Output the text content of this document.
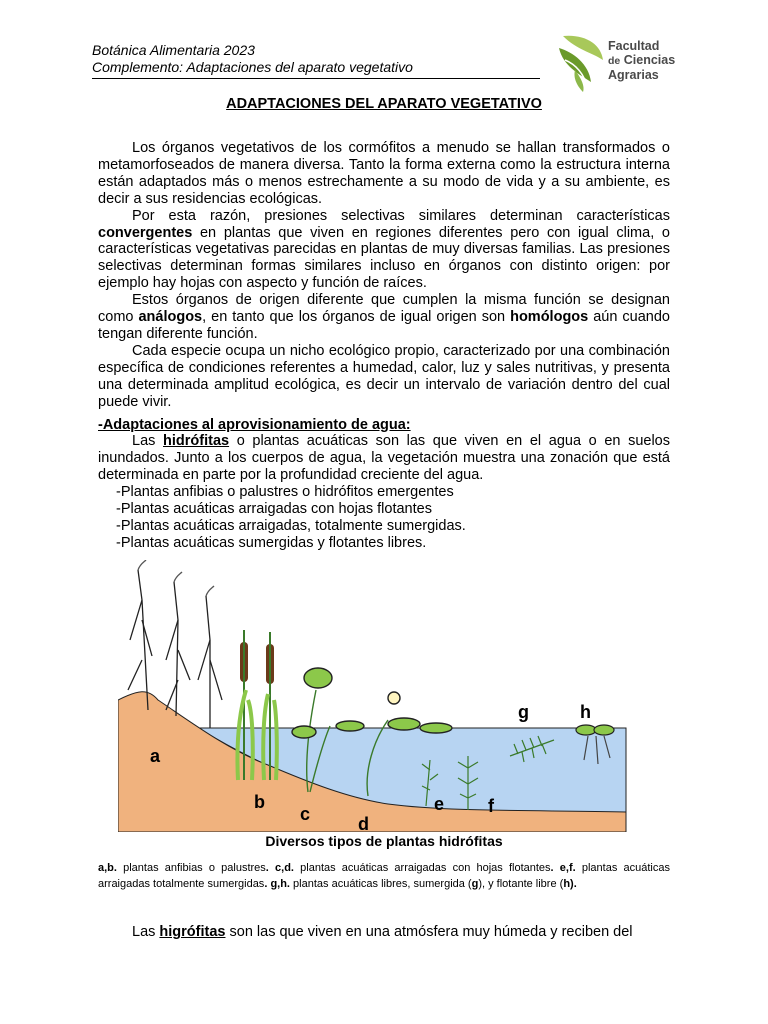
Botánica Alimentaria 2023
Complemento: Adaptaciones del aparato vegetativo
Facultad
de Ciencias
Agrarias
ADAPTACIONES DEL APARATO VEGETATIVO

Los órganos vegetativos de los cormófitos a menudo se hallan transformados o metamorfoseados de manera diversa. Tanto la forma externa como la estructura interna están adaptados más o menos estrechamente a su modo de vida y a su ambiente, es decir a sus residencias ecológicas.

Por esta razón, presiones selectivas similares determinan características convergentes en plantas que viven en regiones diferentes pero con igual clima, o características vegetativas parecidas en plantas de muy diversas familias. Las presiones selectivas determinan formas similares incluso en órganos con distinto origen: por ejemplo hay hojas con aspecto y función de raíces.

Estos órganos de origen diferente que cumplen la misma función se designan como análogos, en tanto que los órganos de igual origen son homólogos aún cuando tengan diferente función.

Cada especie ocupa un nicho ecológico propio, caracterizado por una combinación específica de condiciones referentes a humedad, calor, luz y sales nutritivas, y presenta una determinada amplitud ecológica, es decir un intervalo de variación dentro del cual puede vivir.

-Adaptaciones al aprovisionamiento de agua:

Las hidrófitas o plantas acuáticas son las que viven en el agua o en suelos inundados. Junto a los cuerpos de agua, la vegetación muestra una zonación que está determinada en parte por la profundidad creciente del agua.

-Plantas anfibias o palustres o hidrófitos emergentes
-Plantas acuáticas arraigadas con hojas flotantes
-Plantas acuáticas arraigadas, totalmente sumergidas.
-Plantas acuáticas sumergidas y flotantes libres.
a
b
c	d
e f
g	h
Diversos tipos de plantas hidrófitas
a,b. plantas anfibias o palustres. c,d. plantas acuáticas arraigadas con hojas flotantes. e,f. plantas acuáticas arraigadas totalmente sumergidas. g,h. plantas acuáticas libres, sumergida (g), y flotante libre (h).
Las higrófitas son las que viven en una atmósfera muy húmeda y reciben del
